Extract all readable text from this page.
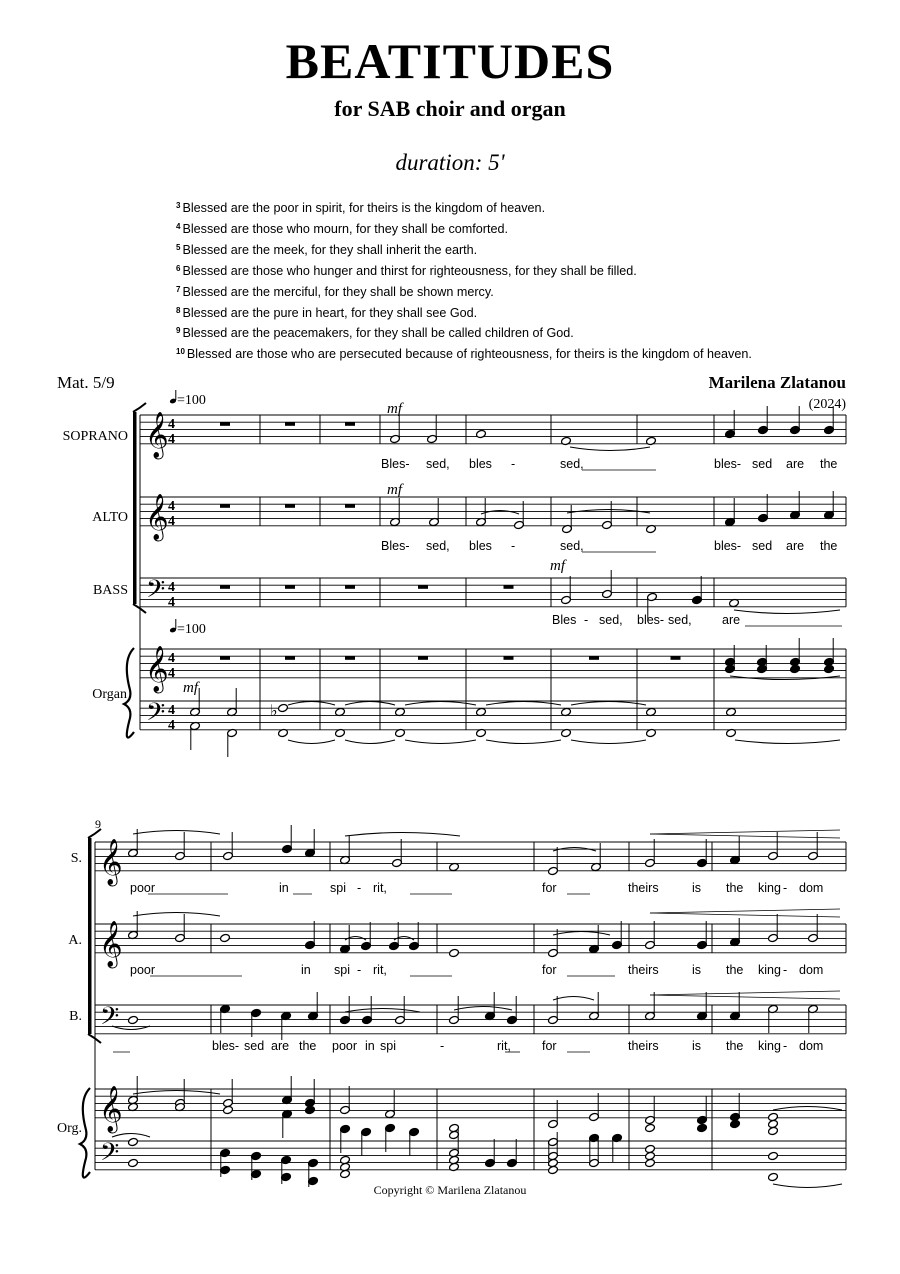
BEATITUDES
for SAB choir and organ
duration: 5'
$^3$ Blessed are the poor in spirit, for theirs is the kingdom of heaven.
$^4$ Blessed are those who mourn, for they shall be comforted.
$^5$ Blessed are the meek, for they shall inherit the earth.
$^6$ Blessed are those who hunger and thirst for righteousness, for they shall be filled.
$^7$ Blessed are the merciful, for they shall be shown mercy.
$^8$ Blessed are the pure in heart, for they shall see God.
$^9$ Blessed are the peacemakers, for they shall be called children of God.
$^{10}$ Blessed are those who are persecuted because of righteousness, for theirs is the kingdom of heaven.
Mat. 5/9	Marilena Zlatanou
(2024)
𝄞 4
4
𝄞 4
4
𝄢 4
4
𝄞 4
4
𝄢 4
4
♭
𝄞
𝄞
𝄢
𝄞
𝄢
SOPRANO
ALTO
BASS
Organ
S.
A.
B.
Org.
=100
=100
mf
mf
mf
mf
9
Bles- sed, bles -	sed,	bles- sed are the
Bles- sed, bles -	sed,	bles- sed are the
Bles - sed, bles- sed, are
poor	in	spi - rit,	for	theirs	is the king - dom
poor	in spi - rit,	for	theirs	is the king - dom
bles- sed are the poor in spi	-	rit, for	theirs	is the king - dom
Copyright © Marilena Zlatanou
